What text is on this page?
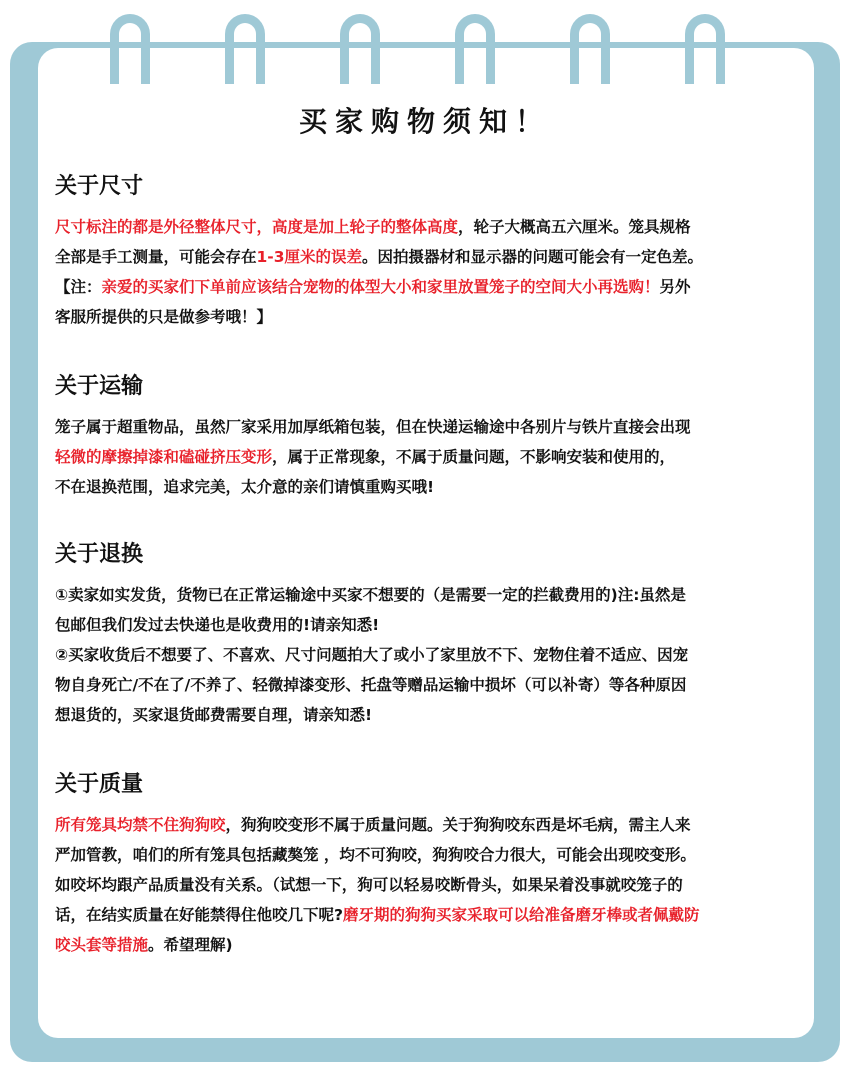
买家购物须知！
关于尺寸

尺寸标注的都是外径整体尺寸，高度是加上轮子的整体高度，轮子大概高五六厘米。笼具规格

全部是手工测量，可能会存在1-3厘米的误差。因拍摄器材和显示器的问题可能会有一定色差。

【注：亲爱的买家们下单前应该结合宠物的体型大小和家里放置笼子的空间大小再选购！另外

客服所提供的只是做参考哦！】

关于运输

笼子属于超重物品，虽然厂家采用加厚纸箱包装，但在快递运输途中各别片与铁片直接会出现

轻微的摩擦掉漆和磕碰挤压变形，属于正常现象，不属于质量问题，不影响安装和使用的，

不在退换范围，追求完美，太介意的亲们请慎重购买哦!

关于退换

①卖家如实发货，货物已在正常运输途中买家不想要的（是需要一定的拦截费用的)注:虽然是

包邮但我们发过去快递也是收费用的!请亲知悉!

②买家收货后不想要了、不喜欢、尺寸问题拍大了或小了家里放不下、宠物住着不适应、因宠

物自身死亡/不在了/不养了、轻微掉漆变形、托盘等赠品运输中损坏（可以补寄）等各种原因

想退货的，买家退货邮费需要自理，请亲知悉!

关于质量

所有笼具均禁不住狗狗咬，狗狗咬变形不属于质量问题。关于狗狗咬东西是坏毛病，需主人来

严加管教，咱们的所有笼具包括藏獒笼 ，均不可狗咬，狗狗咬合力很大，可能会出现咬变形。

如咬坏均跟产品质量没有关系。（试想一下，狗可以轻易咬断骨头，如果呆着没事就咬笼子的

话，在结实质量在好能禁得住他咬几下呢?磨牙期的狗狗买家采取可以给准备磨牙棒或者佩戴防

咬头套等措施。希望理解)
